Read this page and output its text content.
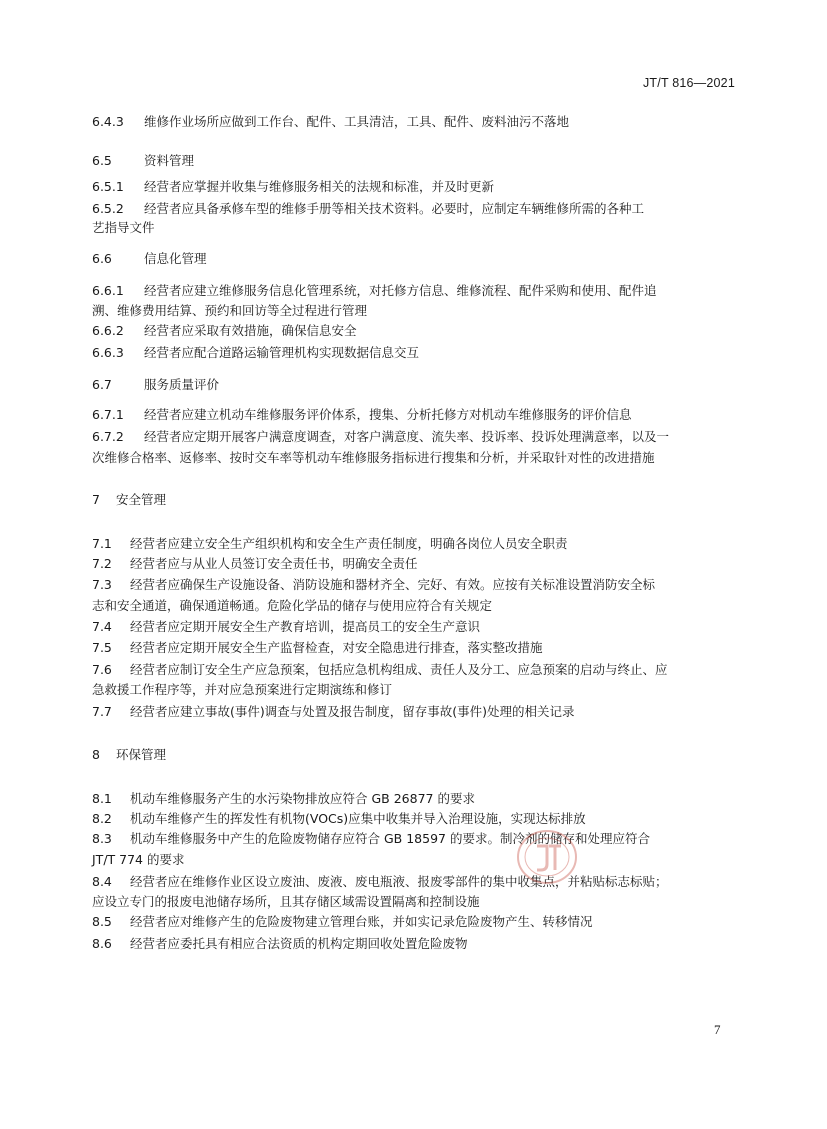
JT/T 816—2021
6.4.3 维修作业场所应做到工作台、配件、工具清洁，工具、配件、废料油污不落地
6.5	资料管理
6.5.1 经营者应掌握并收集与维修服务相关的法规和标准，并及时更新
6.5.2 经营者应具备承修车型的维修手册等相关技术资料。必要时，应制定车辆维修所需的各种工
艺指导文件
6.6	信息化管理
6.6.1 经营者应建立维修服务信息化管理系统，对托修方信息、维修流程、配件采购和使用、配件追
溯、维修费用结算、预约和回访等全过程进行管理
6.6.2 经营者应采取有效措施，确保信息安全
6.6.3 经营者应配合道路运输管理机构实现数据信息交互
6.7	服务质量评价
6.7.1 经营者应建立机动车维修服务评价体系，搜集、分析托修方对机动车维修服务的评价信息
6.7.2 经营者应定期开展客户满意度调查，对客户满意度、流失率、投诉率、投诉处理满意率，以及一
次维修合格率、返修率、按时交车率等机动车维修服务指标进行搜集和分析，并采取针对性的改进措施
7 安全管理
7.1 经营者应建立安全生产组织机构和安全生产责任制度，明确各岗位人员安全职责
7.2 经营者应与从业人员签订安全责任书，明确安全责任
7.3 经营者应确保生产设施设备、消防设施和器材齐全、完好、有效。应按有关标准设置消防安全标
志和安全通道，确保通道畅通。危险化学品的储存与使用应符合有关规定
7.4 经营者应定期开展安全生产教育培训，提高员工的安全生产意识
7.5 经营者应定期开展安全生产监督检查，对安全隐患进行排查，落实整改措施
7.6 经营者应制订安全生产应急预案，包括应急机构组成、责任人及分工、应急预案的启动与终止、应
急救援工作程序等，并对应急预案进行定期演练和修订
7.7 经营者应建立事故(事件)调查与处置及报告制度，留存事故(事件)处理的相关记录
8 环保管理
8.1 机动车维修服务产生的水污染物排放应符合 GB 26877 的要求
8.2 机动车维修产生的挥发性有机物(VOCs)应集中收集并导入治理设施，实现达标排放
8.3 机动车维修服务中产生的危险废物储存应符合 GB 18597 的要求。制冷剂的储存和处理应符合
JT/T 774 的要求
8.4 经营者应在维修作业区设立废油、废液、废电瓶液、报废零部件的集中收集点，并粘贴标志标贴；
应设立专门的报废电池储存场所，且其存储区域需设置隔离和控制设施
8.5 经营者应对维修产生的危险废物建立管理台账，并如实记录危险废物产生、转移情况
8.6 经营者应委托具有相应合法资质的机构定期回收处置危险废物
7
